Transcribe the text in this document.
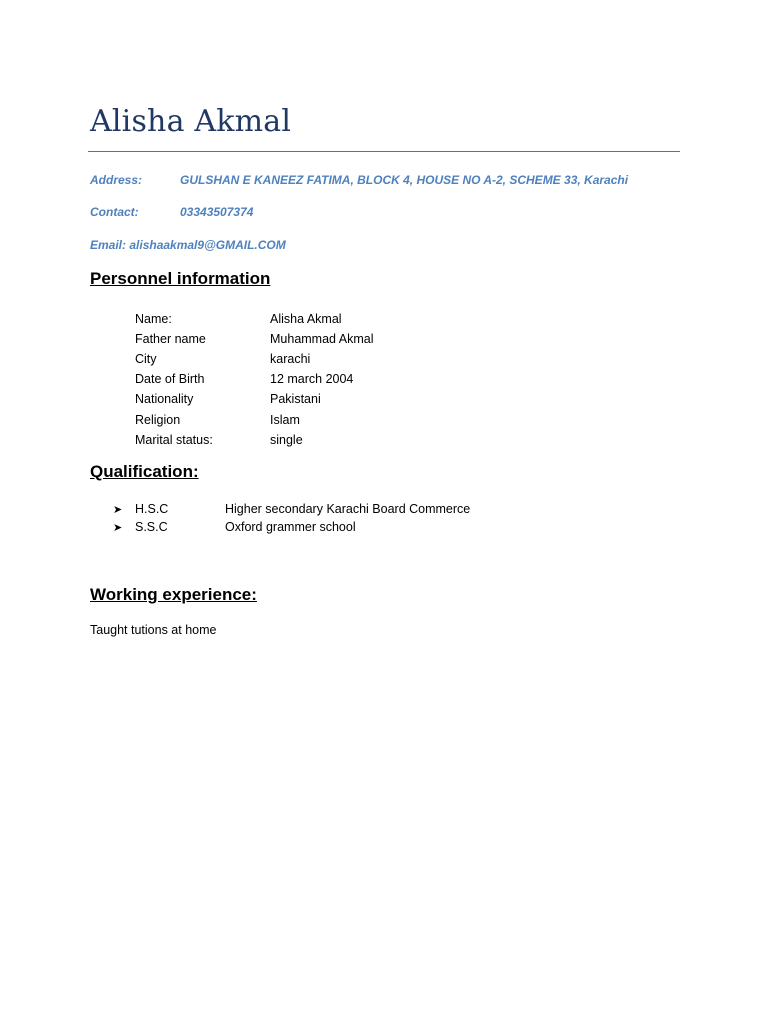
Alisha Akmal
Address:	GULSHAN E KANEEZ FATIMA, BLOCK 4, HOUSE NO A-2, SCHEME 33, Karachi
Contact:	03343507374
Email: alishaakmal9@GMAIL.COM
Personnel information
Name:	Alisha Akmal
Father name	Muhammad Akmal
City	karachi
Date of Birth	12 march 2004
Nationality	Pakistani
Religion	Islam
Marital status:	single
Qualification:
➤	H.S.C	Higher secondary Karachi Board Commerce
➤	S.S.C	Oxford grammer school
Working experience:
Taught tutions at home
